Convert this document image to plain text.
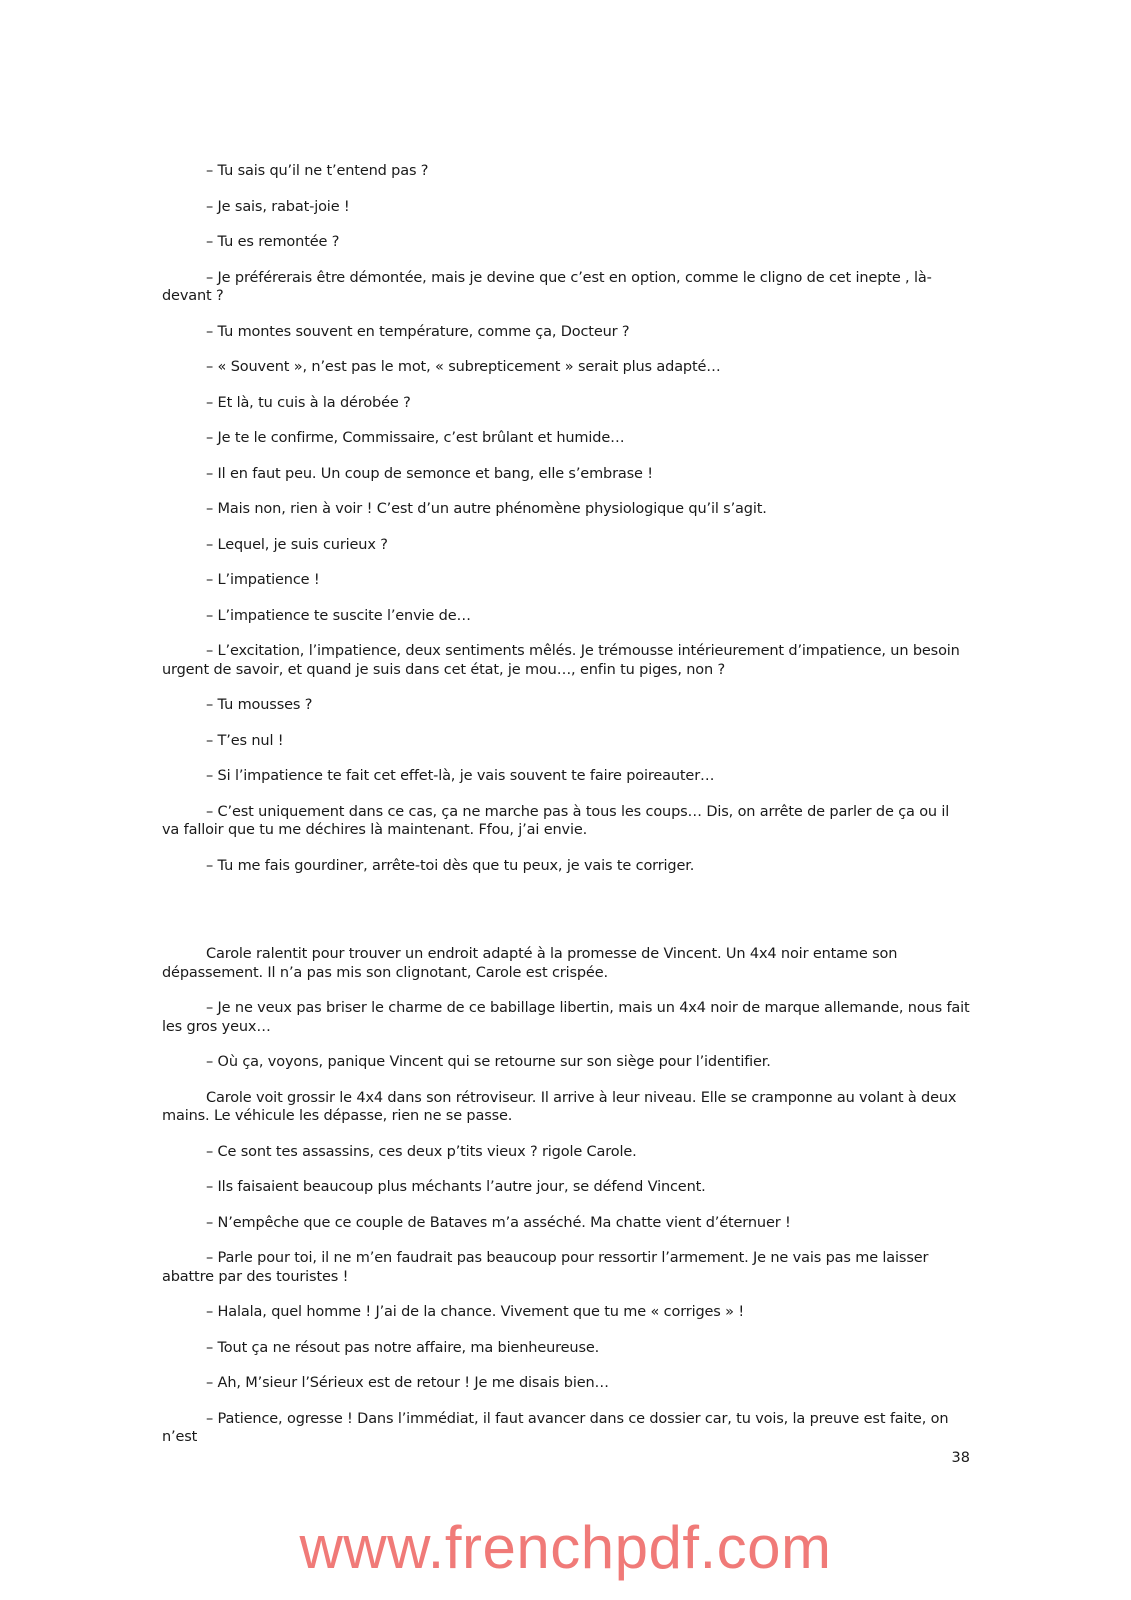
– Tu sais qu’il ne t’entend pas ?

– Je sais, rabat-joie !

– Tu es remontée ?

– Je préférerais être démontée, mais je devine que c’est en option, comme le cligno de cet inepte , là-devant ?

– Tu montes souvent en température, comme ça, Docteur ?

– « Souvent », n’est pas le mot, « subrepticement » serait plus adapté…

– Et là, tu cuis à la dérobée ?

– Je te le confirme, Commissaire, c’est brûlant et humide…

– Il en faut peu. Un coup de semonce et bang, elle s’embrase !

– Mais non, rien à voir ! C’est d’un autre phénomène physiologique qu’il s’agit.

– Lequel, je suis curieux ?

– L’impatience !

– L’impatience te suscite l’envie de…

– L’excitation, l’impatience, deux sentiments mêlés. Je trémousse intérieurement d’impatience, un besoin urgent de savoir, et quand je suis dans cet état, je mou…, enfin tu piges, non ?

– Tu mousses ?

– T’es nul !

– Si l’impatience te fait cet effet-là, je vais souvent te faire poireauter…

– C’est uniquement dans ce cas, ça ne marche pas à tous les coups… Dis, on arrête de parler de ça ou il va falloir que tu me déchires là maintenant. Ffou, j’ai envie.

– Tu me fais gourdiner, arrête-toi dès que tu peux, je vais te corriger.

Carole ralentit pour trouver un endroit adapté à la promesse de Vincent. Un 4x4 noir entame son dépassement. Il n’a pas mis son clignotant, Carole est crispée.

– Je ne veux pas briser le charme de ce babillage libertin, mais un 4x4 noir de marque allemande, nous fait les gros yeux…

– Où ça, voyons, panique Vincent qui se retourne sur son siège pour l’identifier.

Carole voit grossir le 4x4 dans son rétroviseur. Il arrive à leur niveau. Elle se cramponne au volant à deux mains. Le véhicule les dépasse, rien ne se passe.

– Ce sont tes assassins, ces deux p’tits vieux ? rigole Carole.

– Ils faisaient beaucoup plus méchants l’autre jour, se défend Vincent.

– N’empêche que ce couple de Bataves m’a asséché. Ma chatte vient d’éternuer !

– Parle pour toi, il ne m’en faudrait pas beaucoup pour ressortir l’armement. Je ne vais pas me laisser abattre par des touristes !

– Halala, quel homme ! J’ai de la chance. Vivement que tu me « corriges » !

– Tout ça ne résout pas notre affaire, ma bienheureuse.

– Ah, M’sieur l’Sérieux est de retour ! Je me disais bien…

– Patience, ogresse ! Dans l’immédiat, il faut avancer dans ce dossier car, tu vois, la preuve est faite, on n’est

38
www.frenchpdf.com
